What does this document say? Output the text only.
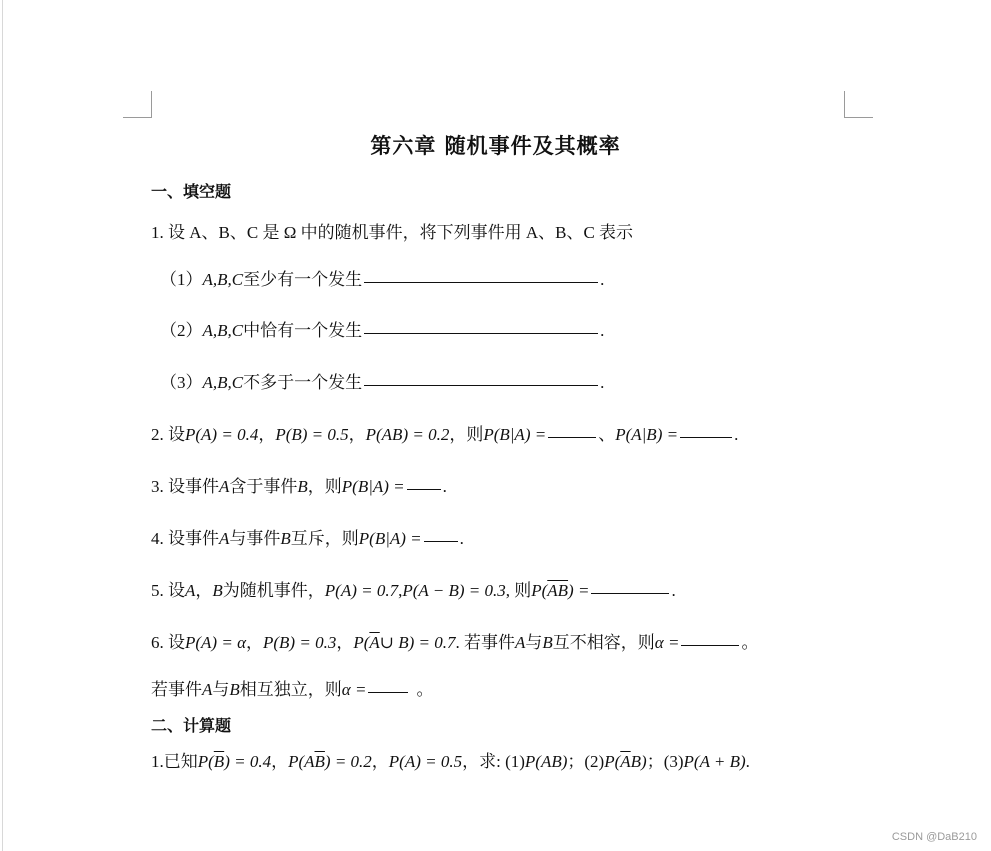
第六章 随机事件及其概率
一、填空题
1. 设 A、B、C 是 Ω 中的随机事件，将下列事件用 A、B、C 表示
（1） A,B,C 至少有一个发生	.
（2） A,B,C 中恰有一个发生	.
（3） A,B,C 不多于一个发生	.
2. 设 P(A) = 0.4 ， P(B) = 0.5 ， P(AB) = 0.2 ，则 P(B|A) =	、 P(A|B) =	.
3. 设事件 A 含于事件 B ，则 P(B|A) = .
4. 设事件 A 与事件 B 互斥，则 P(B|A) = .
5. 设 A ， B 为随机事件， P(A) = 0.7 , P(A − B) = 0.3 , 则 P( $\overline{AB}$ ) =	.
6. 设 P(A) = α ， P(B) = 0.3 ， P( $\overline{A}$ ∪ B) = 0.7 . 若事件 A 与 B 互不相容，则 α =	。
若事件 A 与 B 相互独立，则 α =	。
二、计算题
1.已知 P( $\overline{B}$ ) = 0.4 ， P(A $\overline{B}$ ) = 0.2 ， P(A) = 0.5 ，求: (1) P(AB) ；(2) P( $\overline{A}$ B) ；(3) P(A + B) .
CSDN @DaB210
